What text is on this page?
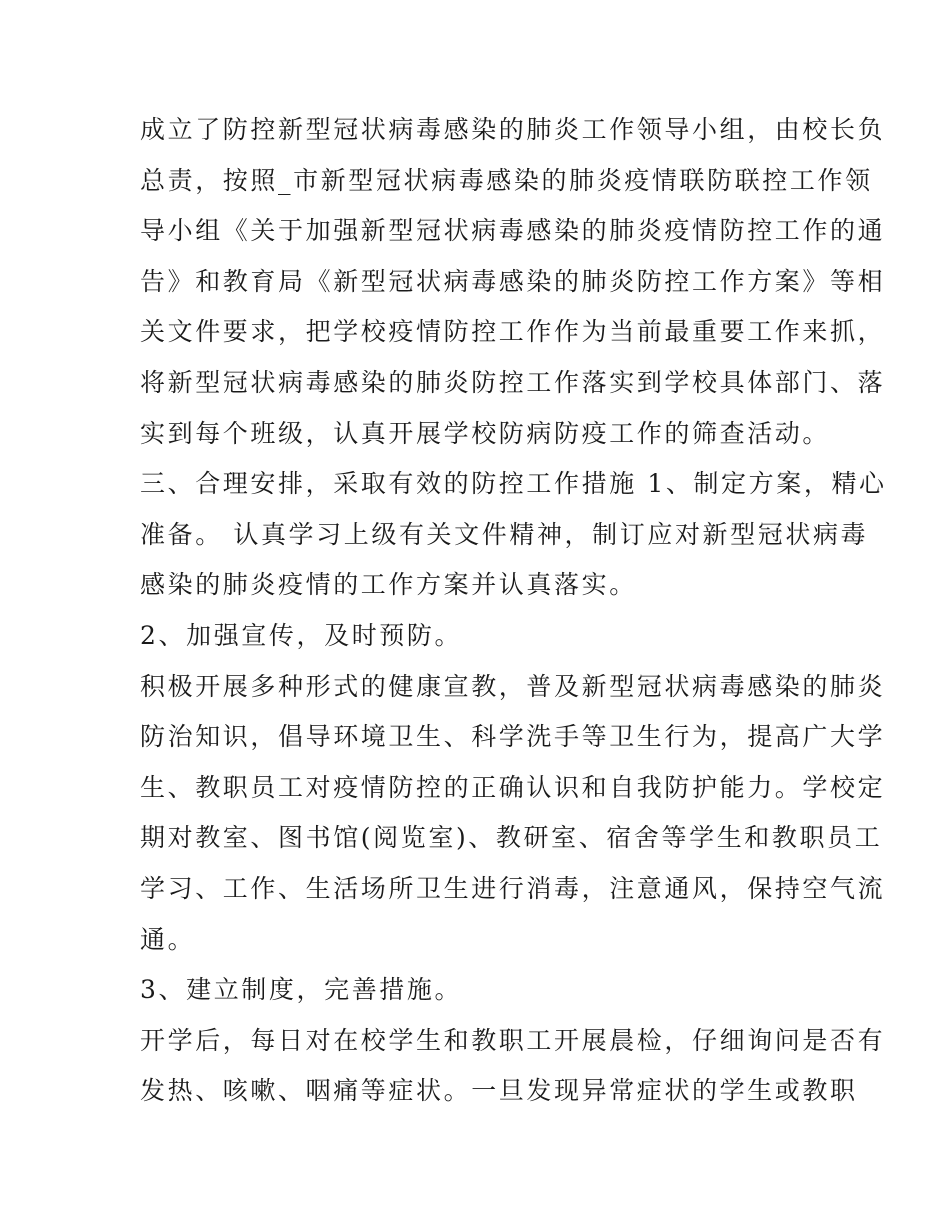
成立了防控新型冠状病毒感染的肺炎工作领导小组，由校长负
总责，按照_市新型冠状病毒感染的肺炎疫情联防联控工作领
导小组《关于加强新型冠状病毒感染的肺炎疫情防控工作的通
告》和教育局《新型冠状病毒感染的肺炎防控工作方案》等相
关文件要求，把学校疫情防控工作作为当前最重要工作来抓，
将新型冠状病毒感染的肺炎防控工作落实到学校具体部门、落
实到每个班级，认真开展学校防病防疫工作的筛查活动。
三、合理安排，采取有效的防控工作措施 1、制定方案，精心
准备。 认真学习上级有关文件精神，制订应对新型冠状病毒
感染的肺炎疫情的工作方案并认真落实。
2、加强宣传，及时预防。
积极开展多种形式的健康宣教，普及新型冠状病毒感染的肺炎
防治知识，倡导环境卫生、科学洗手等卫生行为，提高广大学
生、教职员工对疫情防控的正确认识和自我防护能力。学校定
期对教室、图书馆(阅览室)、教研室、宿舍等学生和教职员工
学习、工作、生活场所卫生进行消毒，注意通风，保持空气流
通。
3、建立制度，完善措施。
开学后，每日对在校学生和教职工开展晨检，仔细询问是否有
发热、咳嗽、咽痛等症状。一旦发现异常症状的学生或教职
